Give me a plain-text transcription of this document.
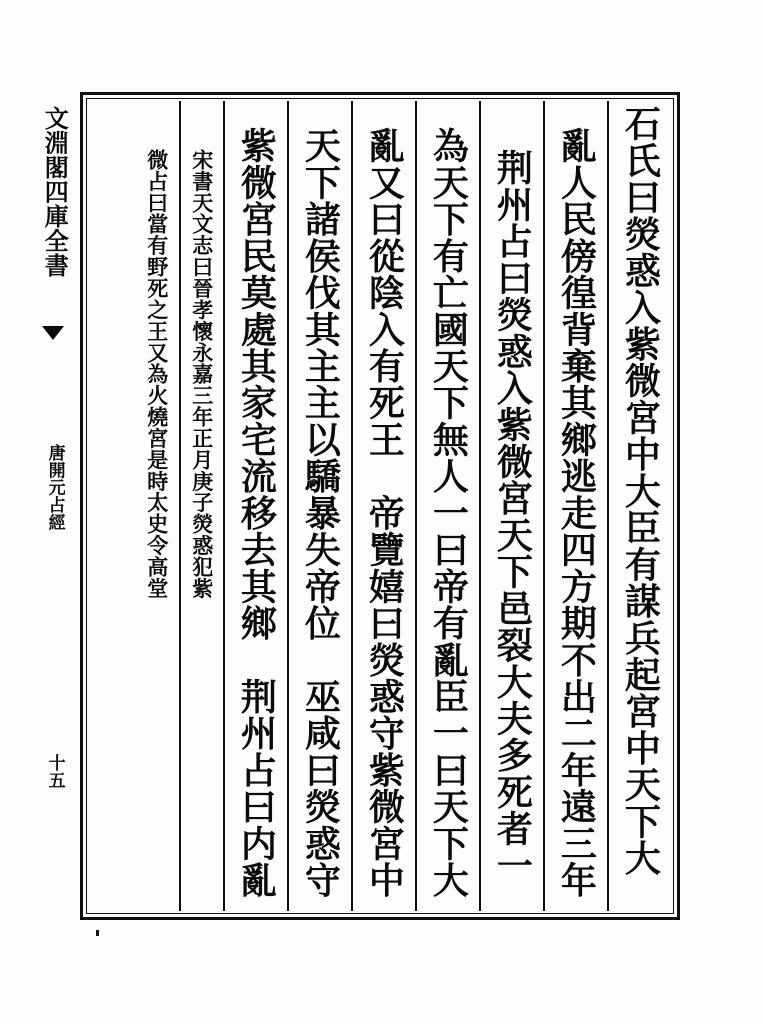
文淵閣四庫全書
唐開元占經
十五	石氏曰熒惑入紫微宮中大臣有謀兵起宮中天下大
亂人民傍徨背棄其鄉逃走四方期不出二年遠三年
荆州占曰熒惑入紫微宮天下邑裂大夫多死者一
為天下有亡國天下無人一曰帝有亂臣一曰天下大
亂又曰從陰入有死王　帝覽嬉曰熒惑守紫微宮中
天下諸侯伐其主主以驕暴失帝位　巫咸曰熒惑守
紫微宮民莫處其家宅流移去其鄉　荆州占曰内亂
宋書天文志曰晉孝懷永嘉三年正月庚子熒惑犯紫
微占曰當有野死之王又為火燒宮是時太史令高堂
